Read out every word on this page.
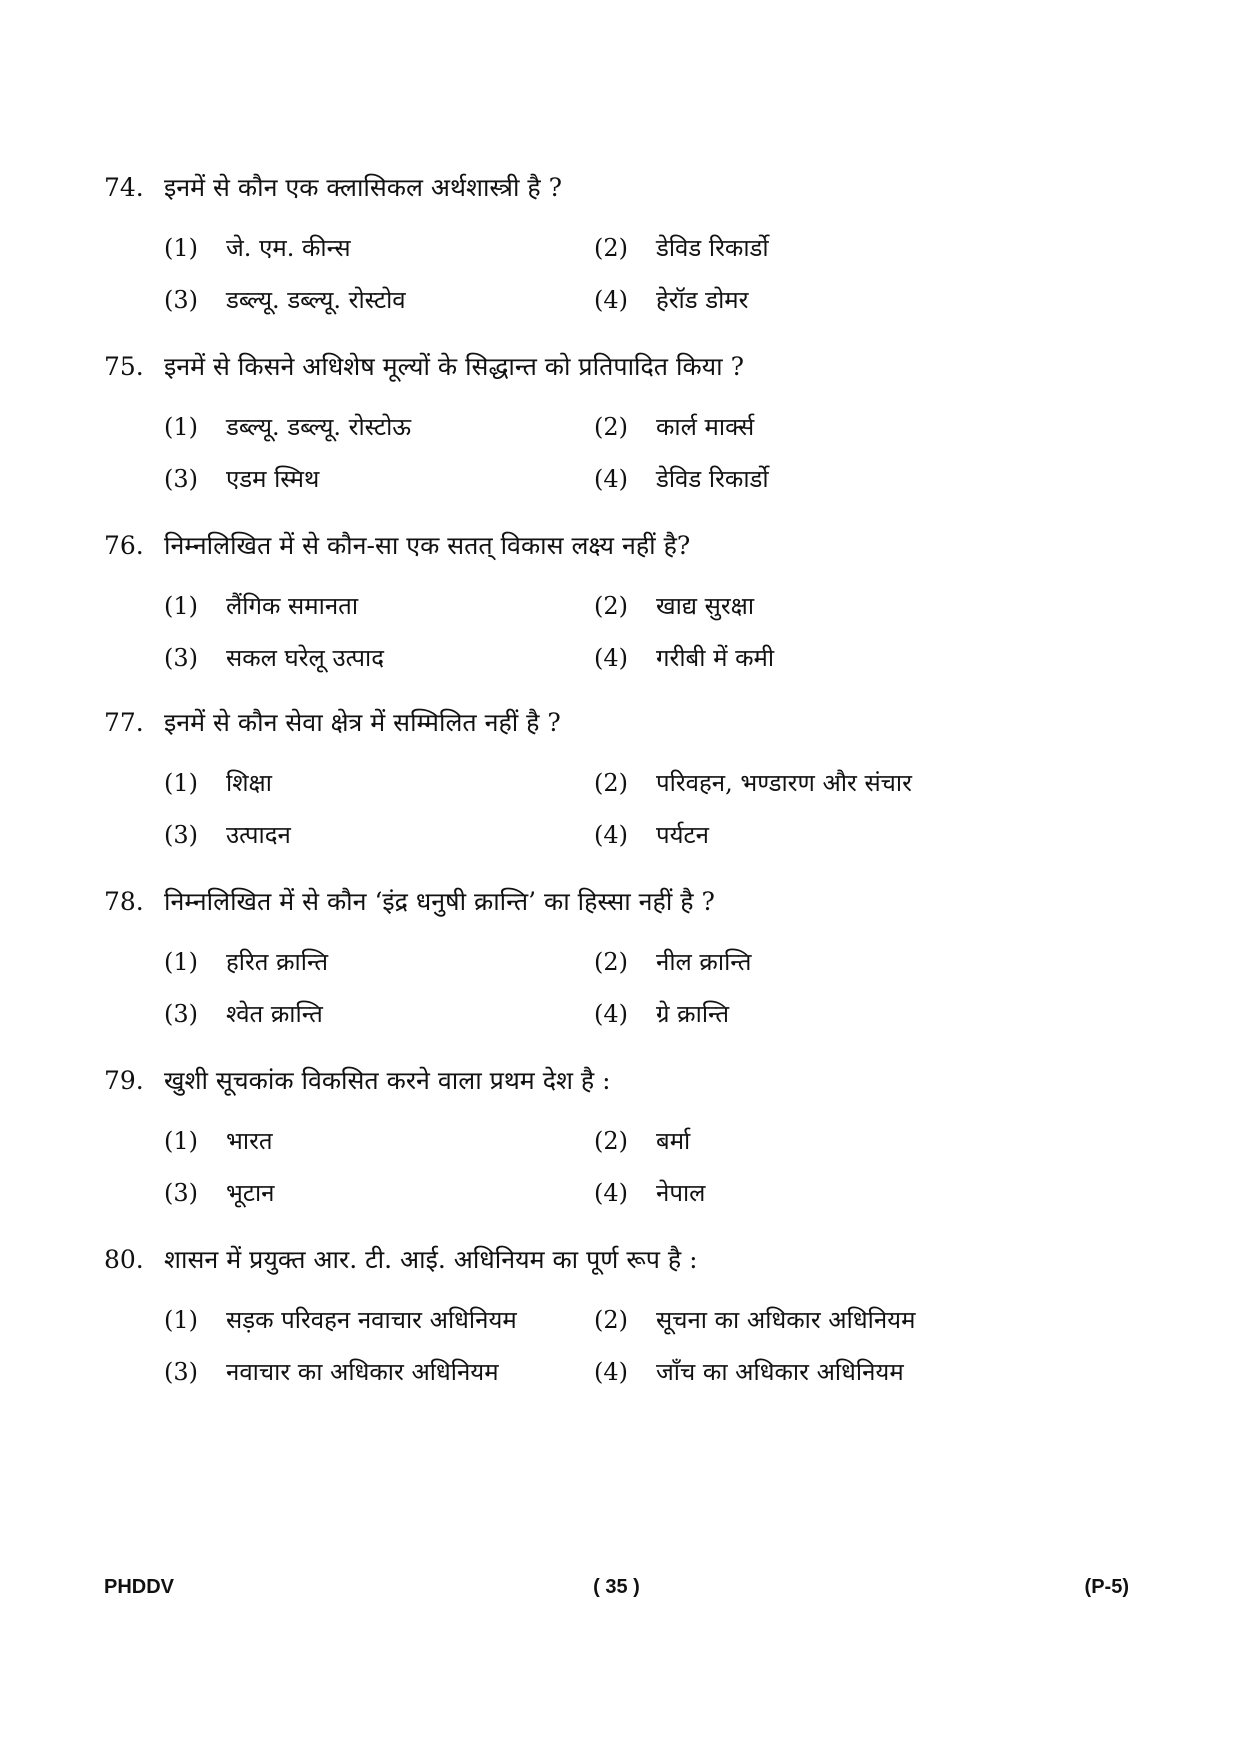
74. इनमें से कौन एक क्लासिकल अर्थशास्त्री है ?
(1)	जे. एम. कीन्स	(2)	डेविड रिकार्डो
(3)	डब्ल्यू. डब्ल्यू. रोस्टोव	(4)	हेरॉड डोमर
75. इनमें से किसने अधिशेष मूल्यों के सिद्धान्त को प्रतिपादित किया ?
(1)	डब्ल्यू. डब्ल्यू. रोस्टोऊ	(2)	कार्ल मार्क्स
(3)	एडम स्मिथ	(4)	डेविड रिकार्डो
76. निम्नलिखित में से कौन-सा एक सतत् विकास लक्ष्य नहीं है?
(1)	लैंगिक समानता	(2)	खाद्य सुरक्षा
(3)	सकल घरेलू उत्पाद	(4)	गरीबी में कमी
77. इनमें से कौन सेवा क्षेत्र में सम्मिलित नहीं है ?
(1)	शिक्षा	(2)	परिवहन, भण्डारण और संचार
(3)	उत्पादन	(4)	पर्यटन
78. निम्नलिखित में से कौन ‘इंद्र धनुषी क्रान्ति’ का हिस्सा नहीं है ?
(1)	हरित क्रान्ति	(2)	नील क्रान्ति
(3)	श्वेत क्रान्ति	(4)	ग्रे क्रान्ति
79. खुशी सूचकांक विकसित करने वाला प्रथम देश है :
(1)	भारत	(2)	बर्मा
(3)	भूटान	(4)	नेपाल
80. शासन में प्रयुक्त आर. टी. आई. अधिनियम का पूर्ण रूप है :
(1)	सड़क परिवहन नवाचार अधिनियम	(2)	सूचना का अधिकार अधिनियम
(3)	नवाचार का अधिकार अधिनियम	(4)	जाँच का अधिकार अधिनियम
( 35 )
PHDDV	(P-5)
